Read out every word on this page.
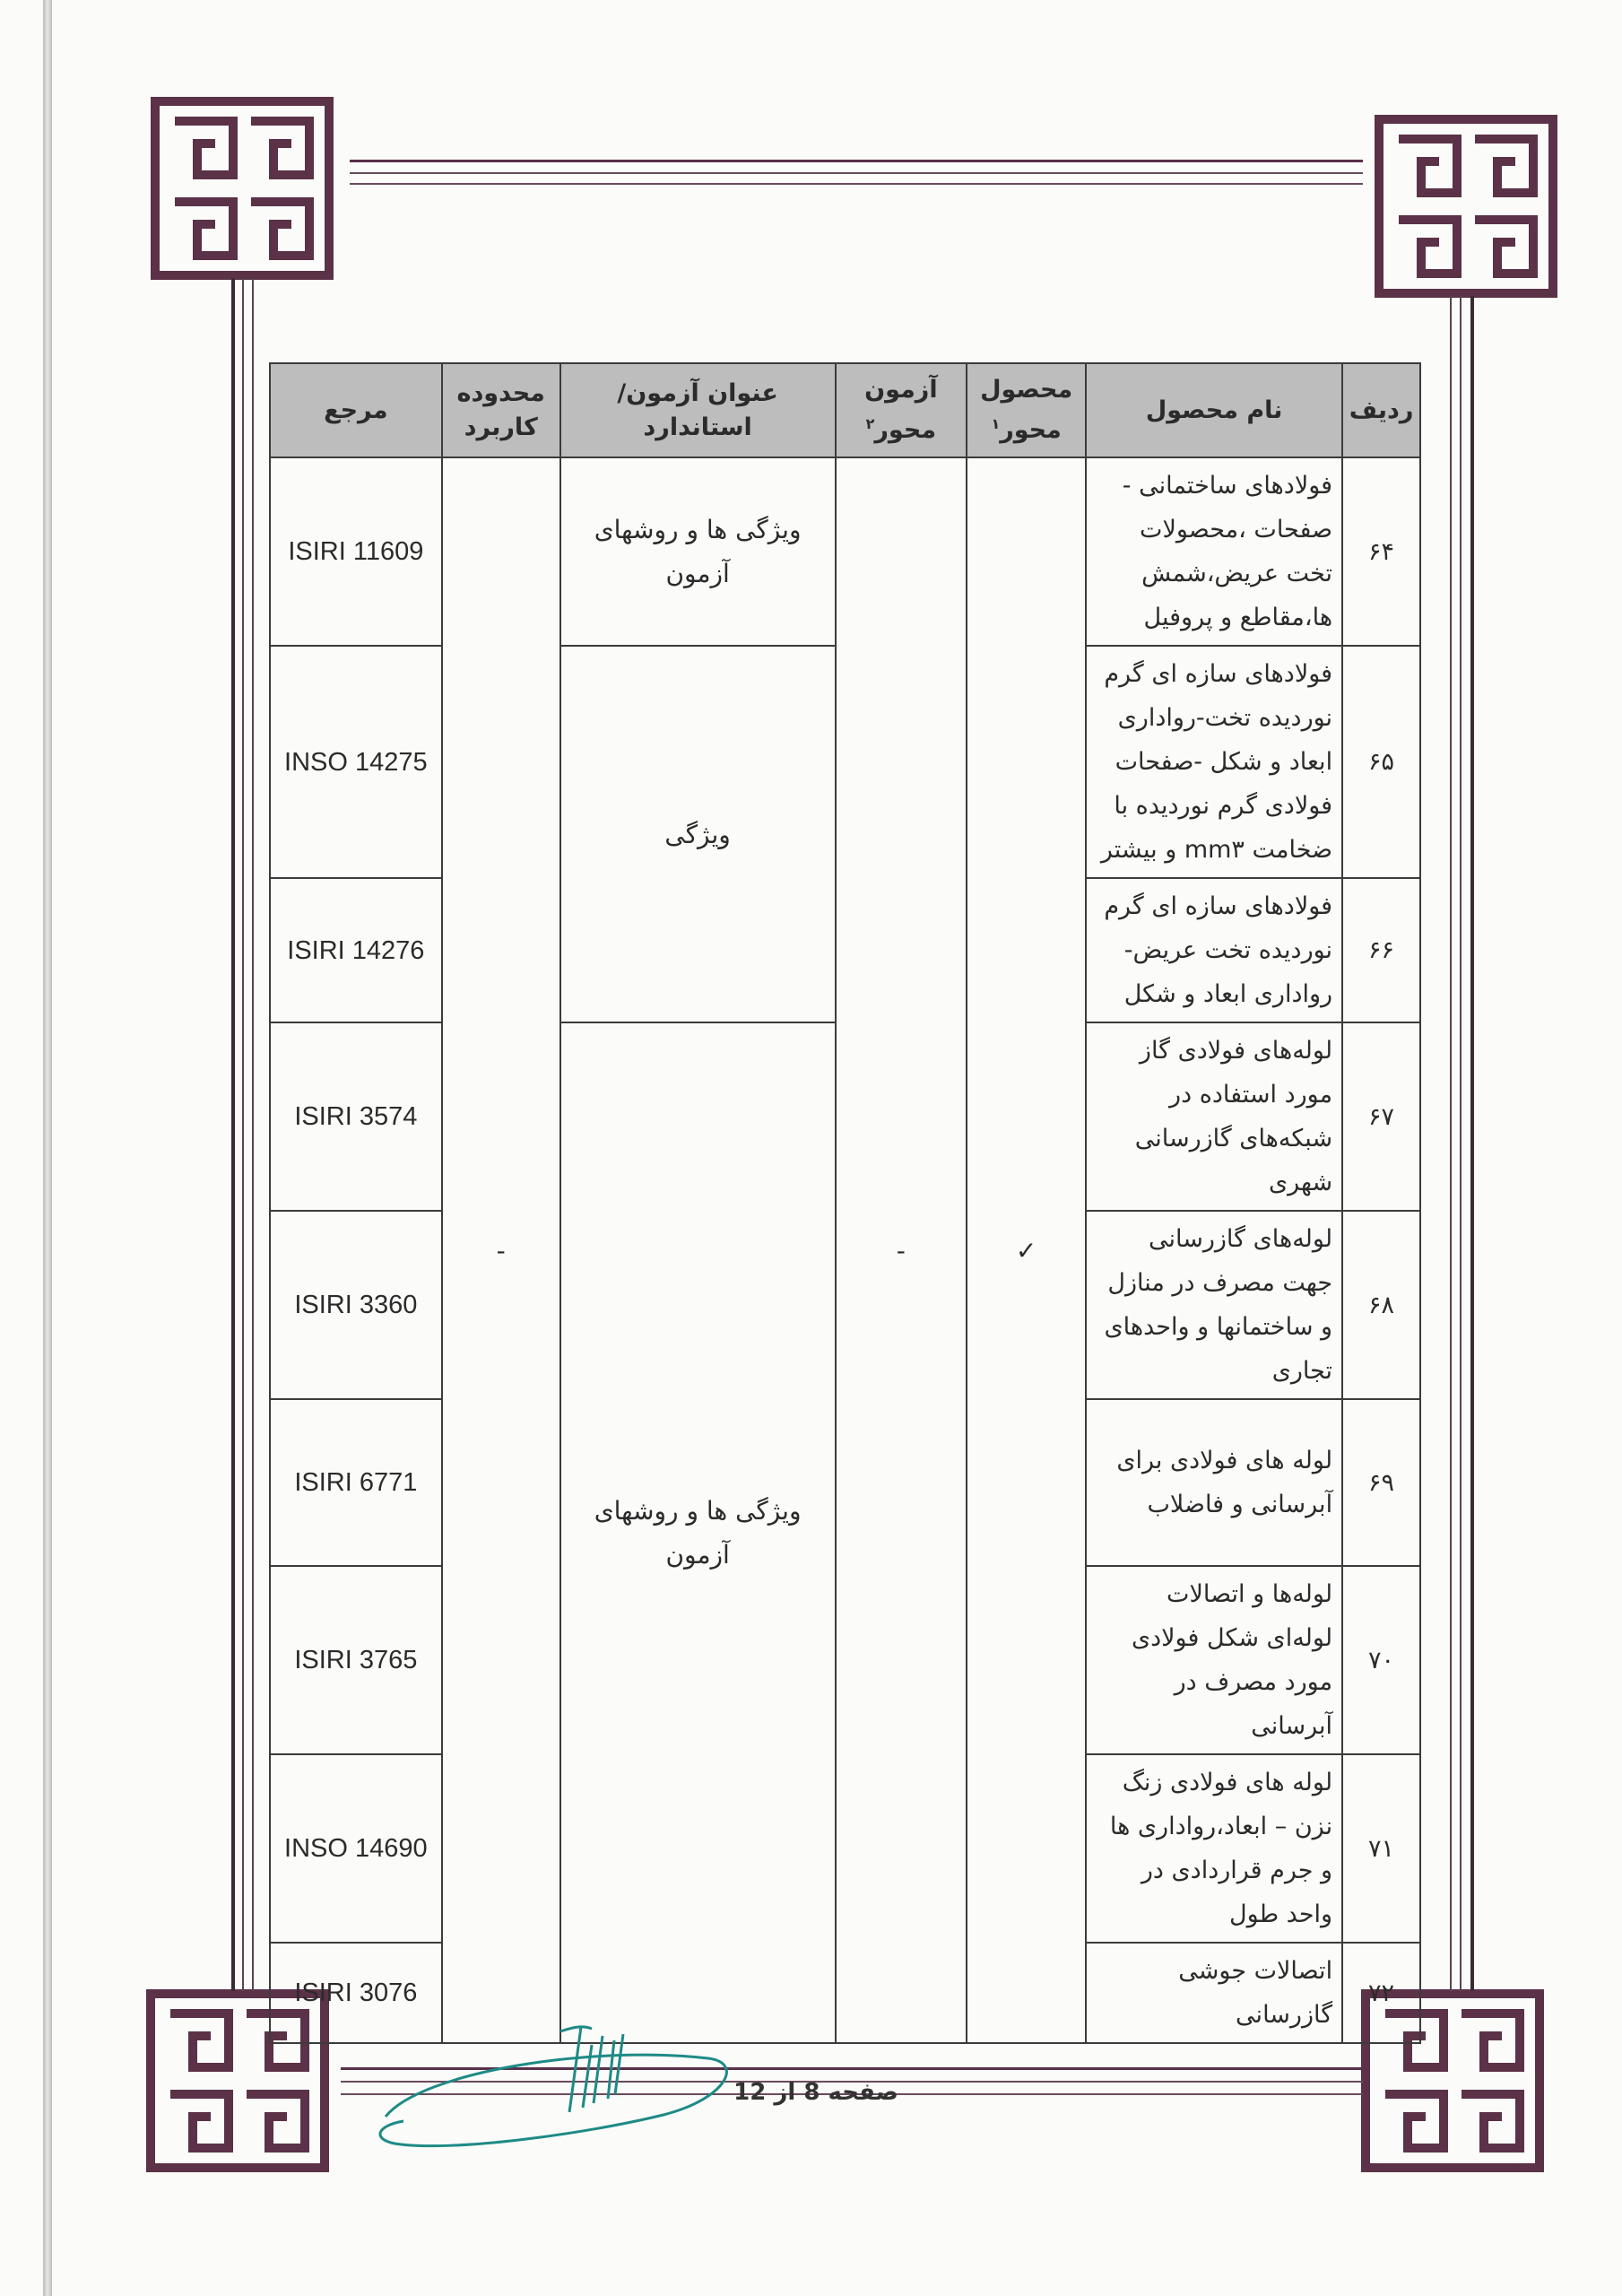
ردیف	نام محصول	محصول محور$^۱$	آزمون محور$^۲$	عنوان آزمون/استاندارد	محدوده کاربرد	مرجع
۶۴	فولادهای ساختمانی - صفحات ،محصولات تخت عریض،شمش ها،مقاطع و پروفیل	✓	-	ویژگی ها و روشهای آزمون	-	ISIRI 11609
۶۵	فولادهای سازه ای گرم نوردیده تخت-رواداری ابعاد و شکل -صفحات فولادی گرم نوردیده با ضخامت mm۳ و بیشتر			ویژگی		INSO 14275
۶۶	فولادهای سازه ای گرم نوردیده تخت عریض- رواداری ابعاد و شکل					ISIRI 14276
۶۷	لوله‌های فولادی گاز مورد استفاده در شبکه‌های گازرسانی شهری			ویژگی ها و روشهای آزمون		ISIRI 3574
۶۸	لوله‌های گازرسانی جهت مصرف در منازل و ساختمانها و واحدهای تجاری					ISIRI 3360
۶۹	لوله های فولادی برای آبرسانی و فاضلاب					ISIRI 6771
۷۰	لوله‌ها و اتصالات لوله‌ای شکل فولادی مورد مصرف در آبرسانی					ISIRI 3765
۷۱	لوله های فولادی زنگ نزن – ابعاد،رواداری ها و جرم قراردادی در واحد طول					INSO 14690
۷۲	اتصالات جوشی گازرسانی					ISIRI 3076
صفحه 8 از 12
